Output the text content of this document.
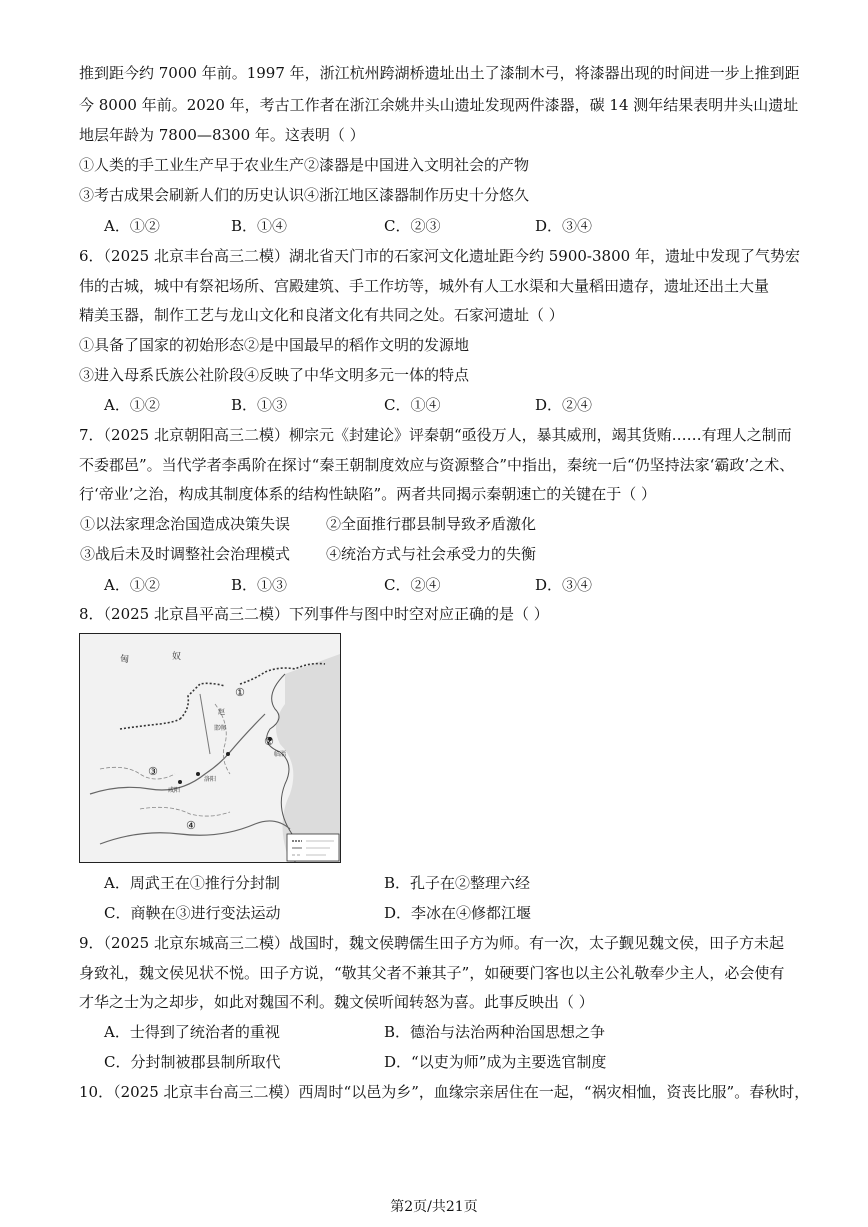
推到距今约 7000 年前。1997 年，浙江杭州跨湖桥遗址出土了漆制木弓，将漆器出现的时间进一步上推到距
今 8000 年前。2020 年，考古工作者在浙江余姚井头山遗址发现两件漆器，碳 14 测年结果表明井头山遗址
地层年龄为 7800—8300 年。这表明（ ）
①人类的手工业生产早于农业生产②漆器是中国进入文明社会的产物
③考古成果会刷新人们的历史认识④浙江地区漆器制作历史十分悠久
A．①②	B．①④	C．②③	D．③④
6．（2025 北京丰台高三二模）湖北省天门市的石家河文化遗址距今约 5900-3800 年，遗址中发现了气势宏
伟的古城，城中有祭祀场所、宫殿建筑、手工作坊等，城外有人工水渠和大量稻田遗存，遗址还出土大量
精美玉器，制作工艺与龙山文化和良渚文化有共同之处。石家河遗址（ ）
①具备了国家的初始形态②是中国最早的稻作文明的发源地
③进入母系氏族公社阶段④反映了中华文明多元一体的特点
A．①②	B．①③	C．①④	D．②④
7．（2025 北京朝阳高三二模）柳宗元《封建论》评秦朝“亟役万人，暴其威刑，竭其货贿……有理人之制而
不委郡邑”。当代学者李禹阶在探讨“秦王朝制度效应与资源整合”中指出，秦统一后“仍坚持法家‘霸政’之术、
行‘帝业’之治，构成其制度体系的结构性缺陷”。两者共同揭示秦朝速亡的关键在于（ ）
①以法家理念治国造成决策失误 ②全面推行郡县制导致矛盾激化
③战后未及时调整社会治理模式 ④统治方式与社会承受力的失衡
A．①②	B．①③	C．②④	D．③④
8．（2025 北京昌平高三二模）下列事件与图中时空对应正确的是（ ）
匈	奴
①
②
③
④
赵
邯郸
洛阳
咸阳
临淄
A．周武王在①推行分封制	B．孔子在②整理六经
C．商鞅在③进行变法运动	D．李冰在④修都江堰
9．（2025 北京东城高三二模）战国时，魏文侯聘儒生田子方为师。有一次，太子觐见魏文侯，田子方未起
身致礼，魏文侯见状不悦。田子方说，“敬其父者不兼其子”，如硬要门客也以主公礼敬奉少主人，必会使有
才华之士为之却步，如此对魏国不利。魏文侯听闻转怒为喜。此事反映出（ ）
A．士得到了统治者的重视	B．德治与法治两种治国思想之争
C．分封制被郡县制所取代	D．“以吏为师”成为主要选官制度
10．（2025 北京丰台高三二模）西周时“以邑为乡”，血缘宗亲居住在一起，“祸灾相恤，资丧比服”。春秋时，
第2页/共21页
